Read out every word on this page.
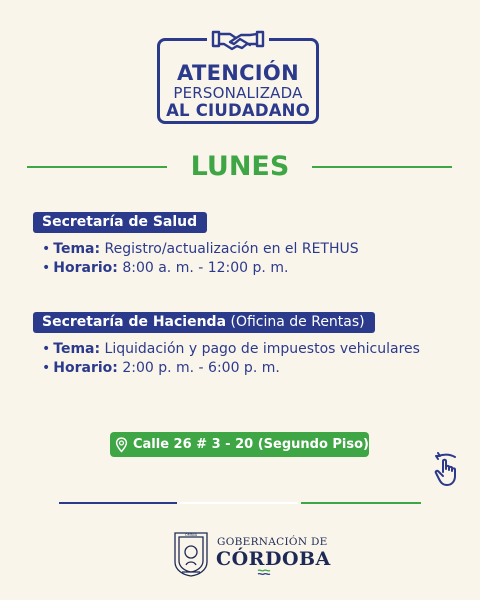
ATENCIÓN
PERSONALIZADA
AL CIUDADANO
LUNES
Secretaría de Salud
• Tema: Registro/actualización en el RETHUS
• Horario: 8:00 a. m. - 12:00 p. m.
Secretaría de Hacienda (Oficina de Rentas)
• Tema: Liquidación y pago de impuestos vehiculares
• Horario: 2:00 p. m. - 6:00 p. m.
Calle 26 # 3 - 20 (Segundo Piso)
OMNIA
GOBERNACIÓN DE
CÓRDOBA
